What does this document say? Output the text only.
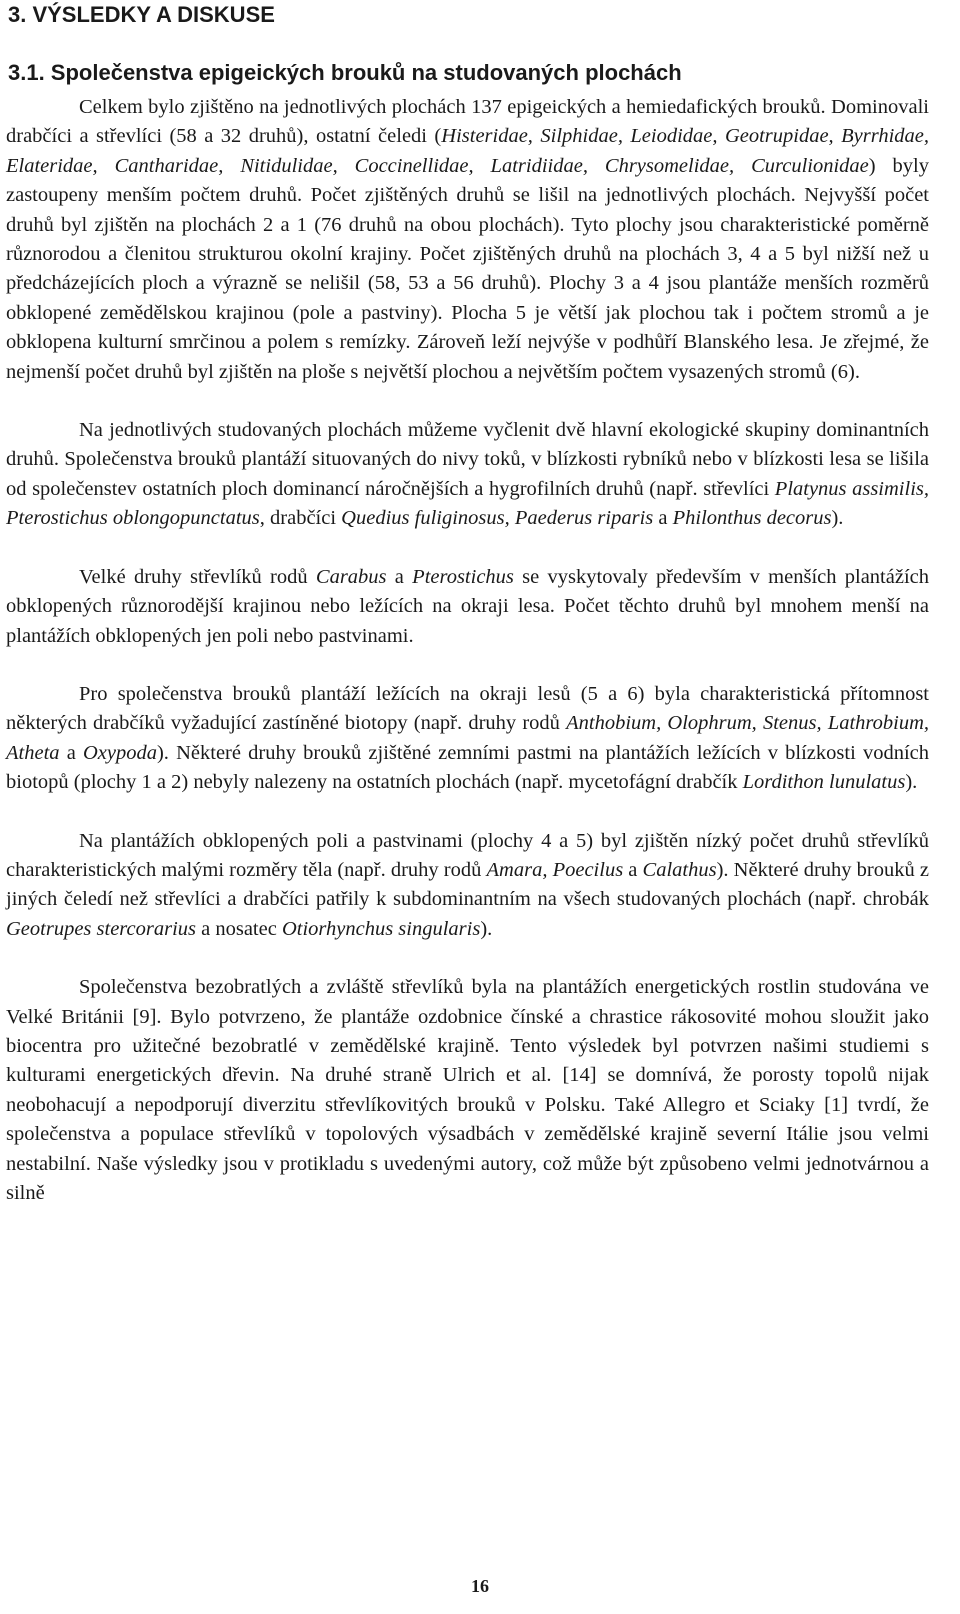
3. VÝSLEDKY A DISKUSE
3.1. Společenstva epigeických brouků na studovaných plochách

Celkem bylo zjištěno na jednotlivých plochách 137 epigeických a hemiedafických brouků. Dominovali drabčíci a střevlíci (58 a 32 druhů), ostatní čeledi (Histeridae, Silphidae, Leiodidae, Geotrupidae, Byrrhidae, Elateridae, Cantharidae, Nitidulidae, Coccinellidae, Latridiidae, Chrysomelidae, Curculionidae) byly zastoupeny menším počtem druhů. Počet zjištěných druhů se lišil na jednotlivých plochách. Nejvyšší počet druhů byl zjištěn na plochách 2 a 1 (76 druhů na obou plochách). Tyto plochy jsou charakteristické poměrně různorodou a členitou strukturou okolní krajiny. Počet zjištěných druhů na plochách 3, 4 a 5 byl nižší než u předcházejících ploch a výrazně se nelišil (58, 53 a 56 druhů). Plochy 3 a 4 jsou plantáže menších rozměrů obklopené zemědělskou krajinou (pole a pastviny). Plocha 5 je větší jak plochou tak i počtem stromů a je obklopena kulturní smrčinou a polem s remízky. Zároveň leží nejvýše v podhůří Blanského lesa. Je zřejmé, že nejmenší počet druhů byl zjištěn na ploše s největší plochou a největším počtem vysazených stromů (6).

Na jednotlivých studovaných plochách můžeme vyčlenit dvě hlavní ekologické skupiny dominantních druhů. Společenstva brouků plantáží situovaných do nivy toků, v blízkosti rybníků nebo v blízkosti lesa se lišila od společenstev ostatních ploch dominancí náročnějších a hygrofilních druhů (např. střevlíci Platynus assimilis, Pterostichus oblongopunctatus, drabčíci Quedius fuliginosus, Paederus riparis a Philonthus decorus).

Velké druhy střevlíků rodů Carabus a Pterostichus se vyskytovaly především v menších plantážích obklopených různorodější krajinou nebo ležících na okraji lesa. Počet těchto druhů byl mnohem menší na plantážích obklopených jen poli nebo pastvinami.

Pro společenstva brouků plantáží ležících na okraji lesů (5 a 6) byla charakteristická přítomnost některých drabčíků vyžadující zastíněné biotopy (např. druhy rodů Anthobium, Olophrum, Stenus, Lathrobium, Atheta a Oxypoda). Některé druhy brouků zjištěné zemními pastmi na plantážích ležících v blízkosti vodních biotopů (plochy 1 a 2) nebyly nalezeny na ostatních plochách (např. mycetofágní drabčík Lordithon lunulatus).

Na plantážích obklopených poli a pastvinami (plochy 4 a 5) byl zjištěn nízký počet druhů střevlíků charakteristických malými rozměry těla (např. druhy rodů Amara, Poecilus a Calathus). Některé druhy brouků z jiných čeledí než střevlíci a drabčíci patřily k subdominantním na všech studovaných plochách (např. chrobák Geotrupes stercorarius a nosatec Otiorhynchus singularis).

Společenstva bezobratlých a zvláště střevlíků byla na plantážích energetických rostlin studována ve Velké Británii [9]. Bylo potvrzeno, že plantáže ozdobnice čínské a chrastice rákosovité mohou sloužit jako biocentra pro užitečné bezobratlé v zemědělské krajině. Tento výsledek byl potvrzen našimi studiemi s kulturami energetických dřevin. Na druhé straně Ulrich et al. [14] se domnívá, že porosty topolů nijak neobohacují a nepodporují diverzitu střevlíkovitých brouků v Polsku. Také Allegro et Sciaky [1] tvrdí, že společenstva a populace střevlíků v topolových výsadbách v zemědělské krajině severní Itálie jsou velmi nestabilní. Naše výsledky jsou v protikladu s uvedenými autory, což může být způsobeno velmi jednotvárnou a silně

16
